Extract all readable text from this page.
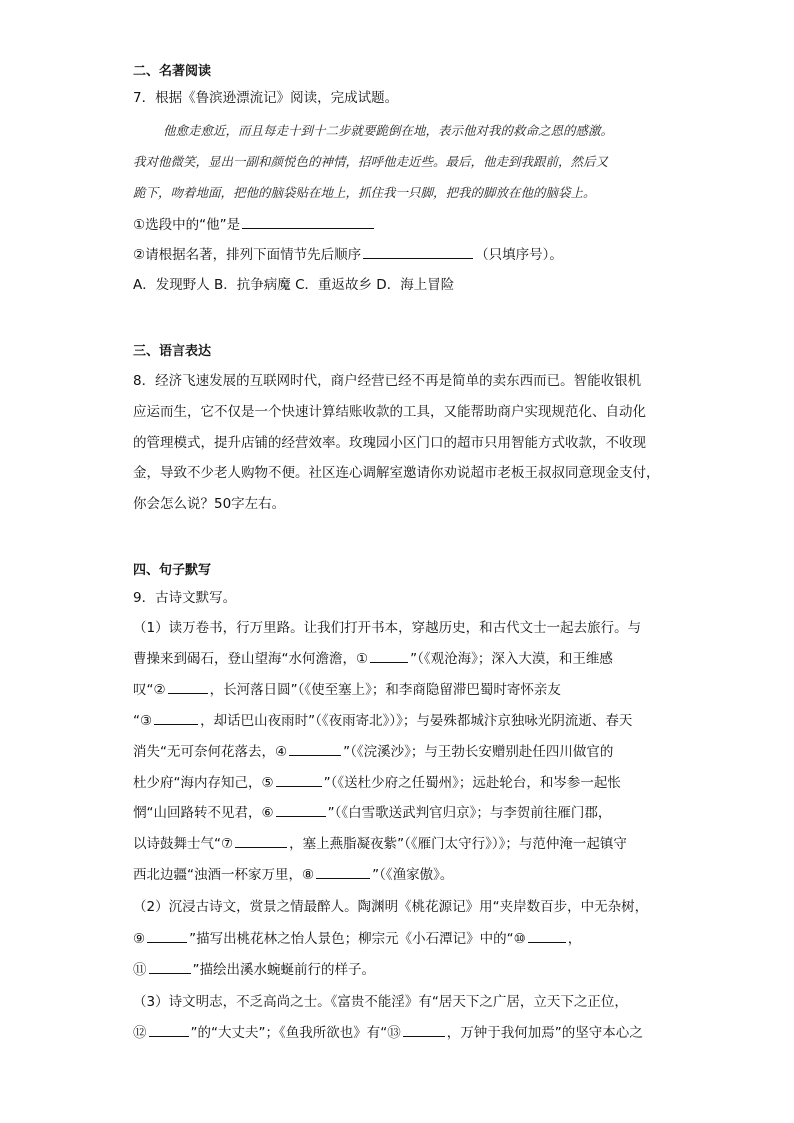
二、名著阅读
7．根据《鲁滨逊漂流记》阅读，完成试题。
他愈走愈近，而且每走十到十二步就要跪倒在地，表示他对我的救命之恩的感激。
我对他微笑，显出一副和颜悦色的神情，招呼他走近些。最后，他走到我跟前，然后又
跪下，吻着地面，把他的脑袋贴在地上，抓住我一只脚，把我的脚放在他的脑袋上。
①选段中的“他”是
②请根据名著，排列下面情节先后顺序	（只填序号）。
A．发现野人 B．抗争病魔 C．重返故乡 D．海上冒险
三、语言表达
8．经济飞速发展的互联网时代，商户经营已经不再是简单的卖东西而已。智能收银机
应运而生，它不仅是一个快速计算结账收款的工具，又能帮助商户实现规范化、自动化
的管理模式，提升店铺的经营效率。玫瑰园小区门口的超市只用智能方式收款，不收现
金，导致不少老人购物不便。社区连心调解室邀请你劝说超市老板王叔叔同意现金支付，
你会怎么说？50字左右。
四、句子默写
9．古诗文默写。
（1）读万卷书，行万里路。让我们打开书本，穿越历史，和古代文士一起去旅行。与
曹操来到碣石，登山望海“水何澹澹，①	”（《观沧海》；深入大漠，和王维感
叹“②	，长河落日圆”（《使至塞上》；和李商隐留滞巴蜀时寄怀亲友
“③	，却话巴山夜雨时”（《夜雨寄北》）》；与晏殊都城汴京独咏光阴流逝、春天
消失“无可奈何花落去，④	”（《浣溪沙》；与王勃长安赠别赴任四川做官的
杜少府“海内存知己，⑤	”（《送杜少府之任蜀州》；远赴轮台，和岑参一起怅
惘“山回路转不见君，⑥	”（《白雪歌送武判官归京》；与李贺前往雁门郡，
以诗鼓舞士气“⑦	，塞上燕脂凝夜紫”（《雁门太守行》）》；与范仲淹一起镇守
西北边疆“浊酒一杯家万里，⑧	”（《渔家傲》。
（2）沉浸古诗文，赏景之情最醉人。陶渊明《桃花源记》用“夹岸数百步，中无杂树，
⑨	”描写出桃花林之怡人景色；柳宗元《小石潭记》中的“⑩	，
⑪	”描绘出溪水蜿蜒前行的样子。
（3）诗文明志，不乏高尚之士。《富贵不能淫》有“居天下之广居，立天下之正位，
⑫	”的“大丈夫”；《鱼我所欲也》有“⑬	，万钟于我何加焉”的坚守本心之
